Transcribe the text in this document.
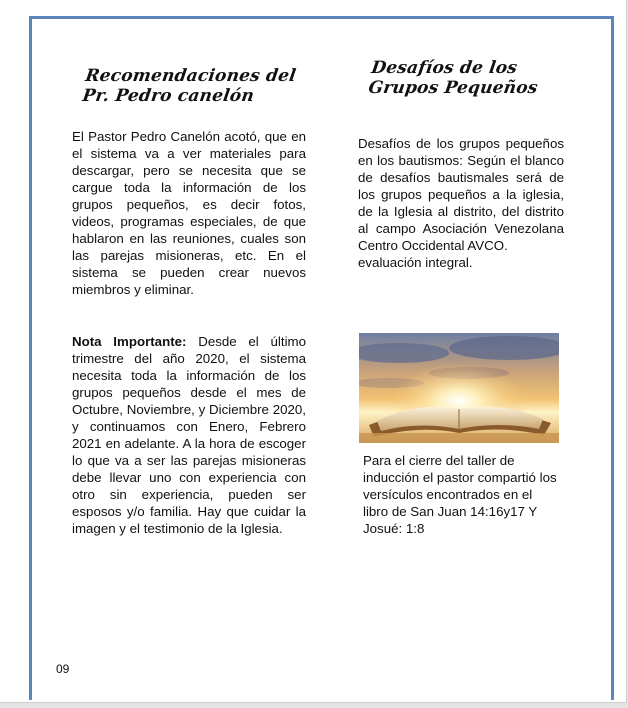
Recomendaciones del
Pr. Pedro canelón
El Pastor Pedro Canelón acotó, que en el sistema va a ver materiales para descargar, pero se necesita que se cargue toda la información de los grupos pequeños, es decir fotos, videos, programas especiales, de que hablaron en las reuniones, cuales son las parejas misioneras, etc. En el sistema se pueden crear nuevos miembros y eliminar.
Nota Importante: Desde el último trimestre del año 2020, el sistema necesita toda la información de los grupos pequeños desde el mes de Octubre, Noviembre, y Diciembre 2020, y continuamos con Enero, Febrero 2021 en adelante. A la hora de escoger lo que va a ser las parejas misioneras debe llevar uno con experiencia con otro sin experiencia, pueden ser esposos y/o familia. Hay que cuidar la imagen y el testimonio de la Iglesia.
Desafíos de los
Grupos Pequeños
Desafíos de los grupos pequeños en los bautismos: Según el blanco de desafíos bautismales será de los grupos pequeños a la iglesia, de la Iglesia al distrito, del distrito al campo Asociación Venezolana Centro Occidental AVCO.
evaluación integral.
Para el cierre del taller de inducción el pastor compartió los versículos encontrados en el libro de San Juan 14:16y17 Y Josué: 1:8
09
